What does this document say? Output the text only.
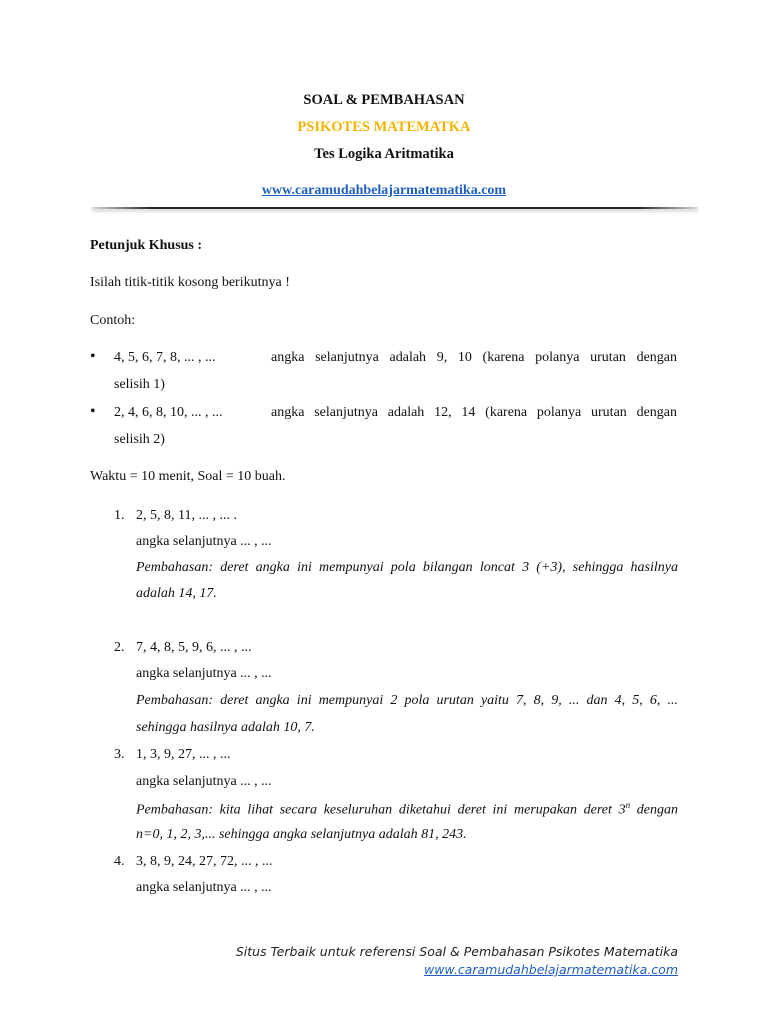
SOAL & PEMBAHASAN
PSIKOTES MATEMATKA
Tes Logika Aritmatika
www.caramudahbelajarmatematika.com
Petunjuk Khusus :
Isilah titik-titik kosong berikutnya !
Contoh:
• 4, 5, 6, 7, 8, ... , ...	angka selanjutnya adalah 9, 10 (karena polanya urutan dengan
selisih 1)
• 2, 4, 6, 8, 10, ... , ...	angka selanjutnya adalah 12, 14 (karena polanya urutan dengan
selisih 2)
Waktu = 10 menit, Soal = 10 buah.
1. 2, 5, 8, 11, ... , ... .
angka selanjutnya ... , ...
Pembahasan: deret angka ini mempunyai pola bilangan loncat 3 (+3), sehingga hasilnya
adalah 14, 17.
2. 7, 4, 8, 5, 9, 6, ... , ...
angka selanjutnya ... , ...
Pembahasan: deret angka ini mempunyai 2 pola urutan yaitu 7, 8, 9, ... dan 4, 5, 6, ...
sehingga hasilnya adalah 10, 7.
3. 1, 3, 9, 27, ... , ...
angka selanjutnya ... , ...
Pembahasan: kita lihat secara keseluruhan diketahui deret ini merupakan deret 3$^n$ dengan
n=0, 1, 2, 3,... sehingga angka selanjutnya adalah 81, 243.
4. 3, 8, 9, 24, 27, 72, ... , ...
angka selanjutnya ... , ...
Situs Terbaik untuk referensi Soal & Pembahasan Psikotes Matematika
www.caramudahbelajarmatematika.com
